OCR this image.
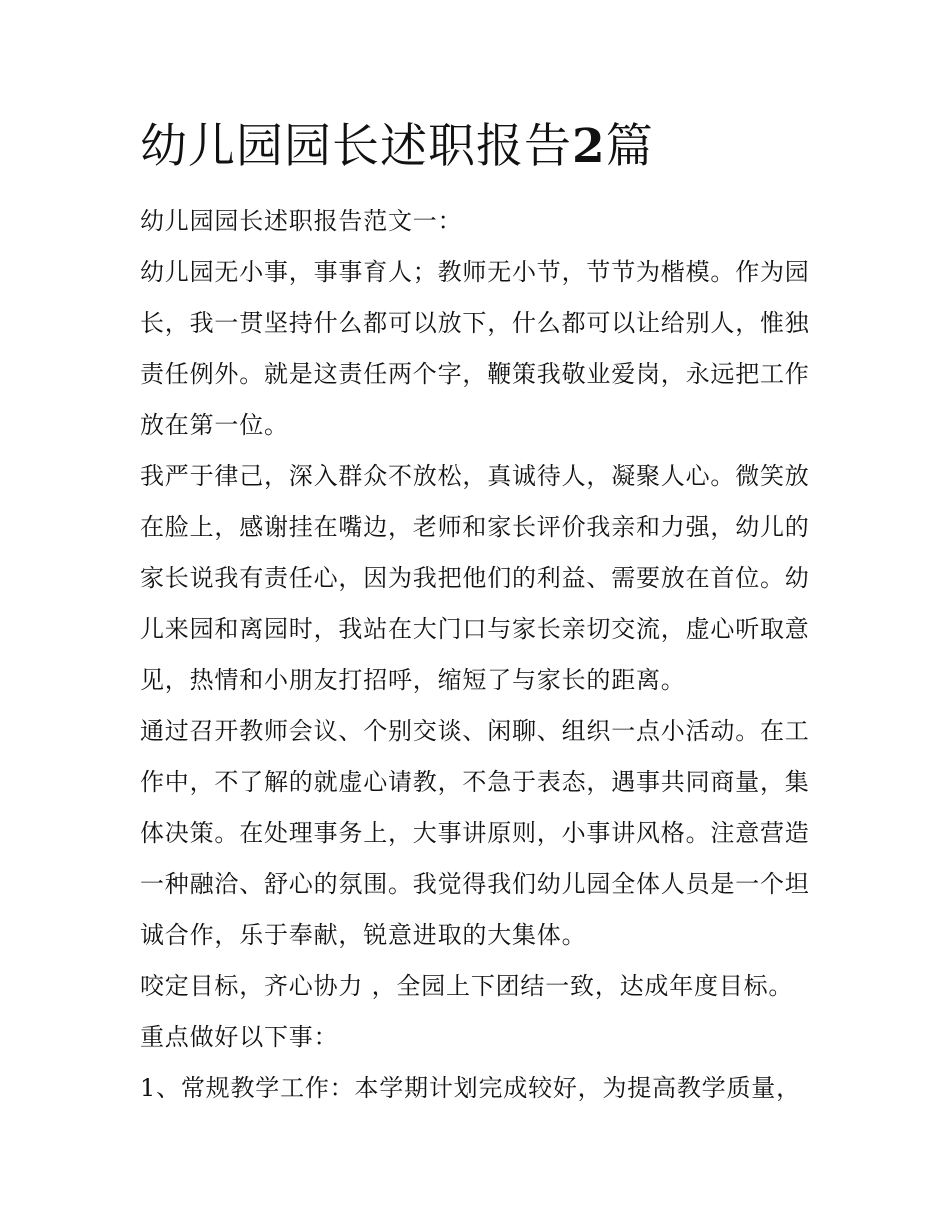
幼儿园园长述职报告2篇

幼儿园园长述职报告范文一：

幼儿园无小事，事事育人；教师无小节，节节为楷模。作为园

长，我一贯坚持什么都可以放下，什么都可以让给别人，惟独

责任例外。就是这责任两个字，鞭策我敬业爱岗，永远把工作

放在第一位。

我严于律己，深入群众不放松，真诚待人，凝聚人心。微笑放

在脸上，感谢挂在嘴边，老师和家长评价我亲和力强，幼儿的

家长说我有责任心，因为我把他们的利益、需要放在首位。幼

儿来园和离园时，我站在大门口与家长亲切交流，虚心听取意

见，热情和小朋友打招呼，缩短了与家长的距离。

通过召开教师会议、个别交谈、闲聊、组织一点小活动。在工

作中，不了解的就虚心请教，不急于表态，遇事共同商量，集

体决策。在处理事务上，大事讲原则，小事讲风格。注意营造

一种融洽、舒心的氛围。我觉得我们幼儿园全体人员是一个坦

诚合作，乐于奉献，锐意进取的大集体。

咬定目标，齐心协力 ，全园上下团结一致，达成年度目标。

重点做好以下事：

1、常规教学工作：本学期计划完成较好，为提高教学质量，
